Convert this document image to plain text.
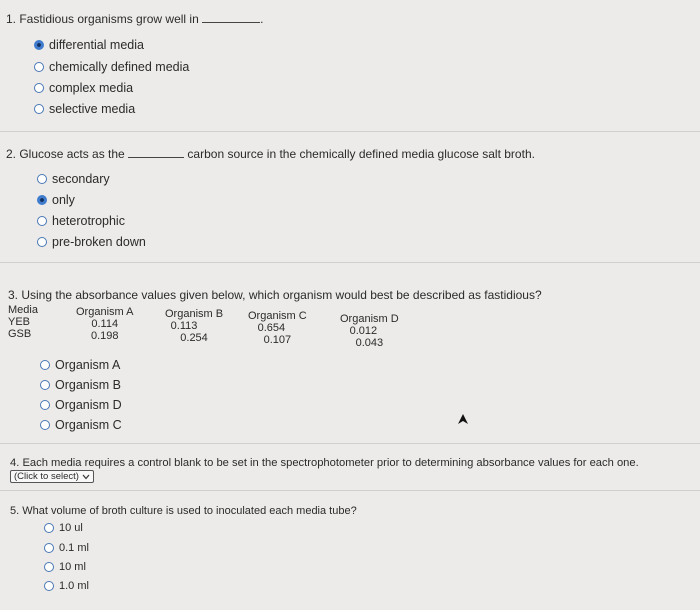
1. Fastidious organisms grow well in	.
differential media
chemically defined media
complex media
selective media
2. Glucose acts as the	carbon source in the chemically defined media glucose salt broth.
secondary
only
heterotrophic
pre-broken down
3. Using the absorbance values given below, which organism would best be described as fastidious?
Media
YEB
GSB
Organism A
0.114
0.198
Organism B
0.113
0.254
Organism C
0.654
0.107
Organism D
0.012
0.043
Organism A
Organism B
Organism D
Organism C
4. Each media requires a control blank to be set in the spectrophotometer prior to determining absorbance values for each one.
(Click to select)
5. What volume of broth culture is used to inoculated each media tube?
10 ul
0.1 ml
10 ml
1.0 ml
